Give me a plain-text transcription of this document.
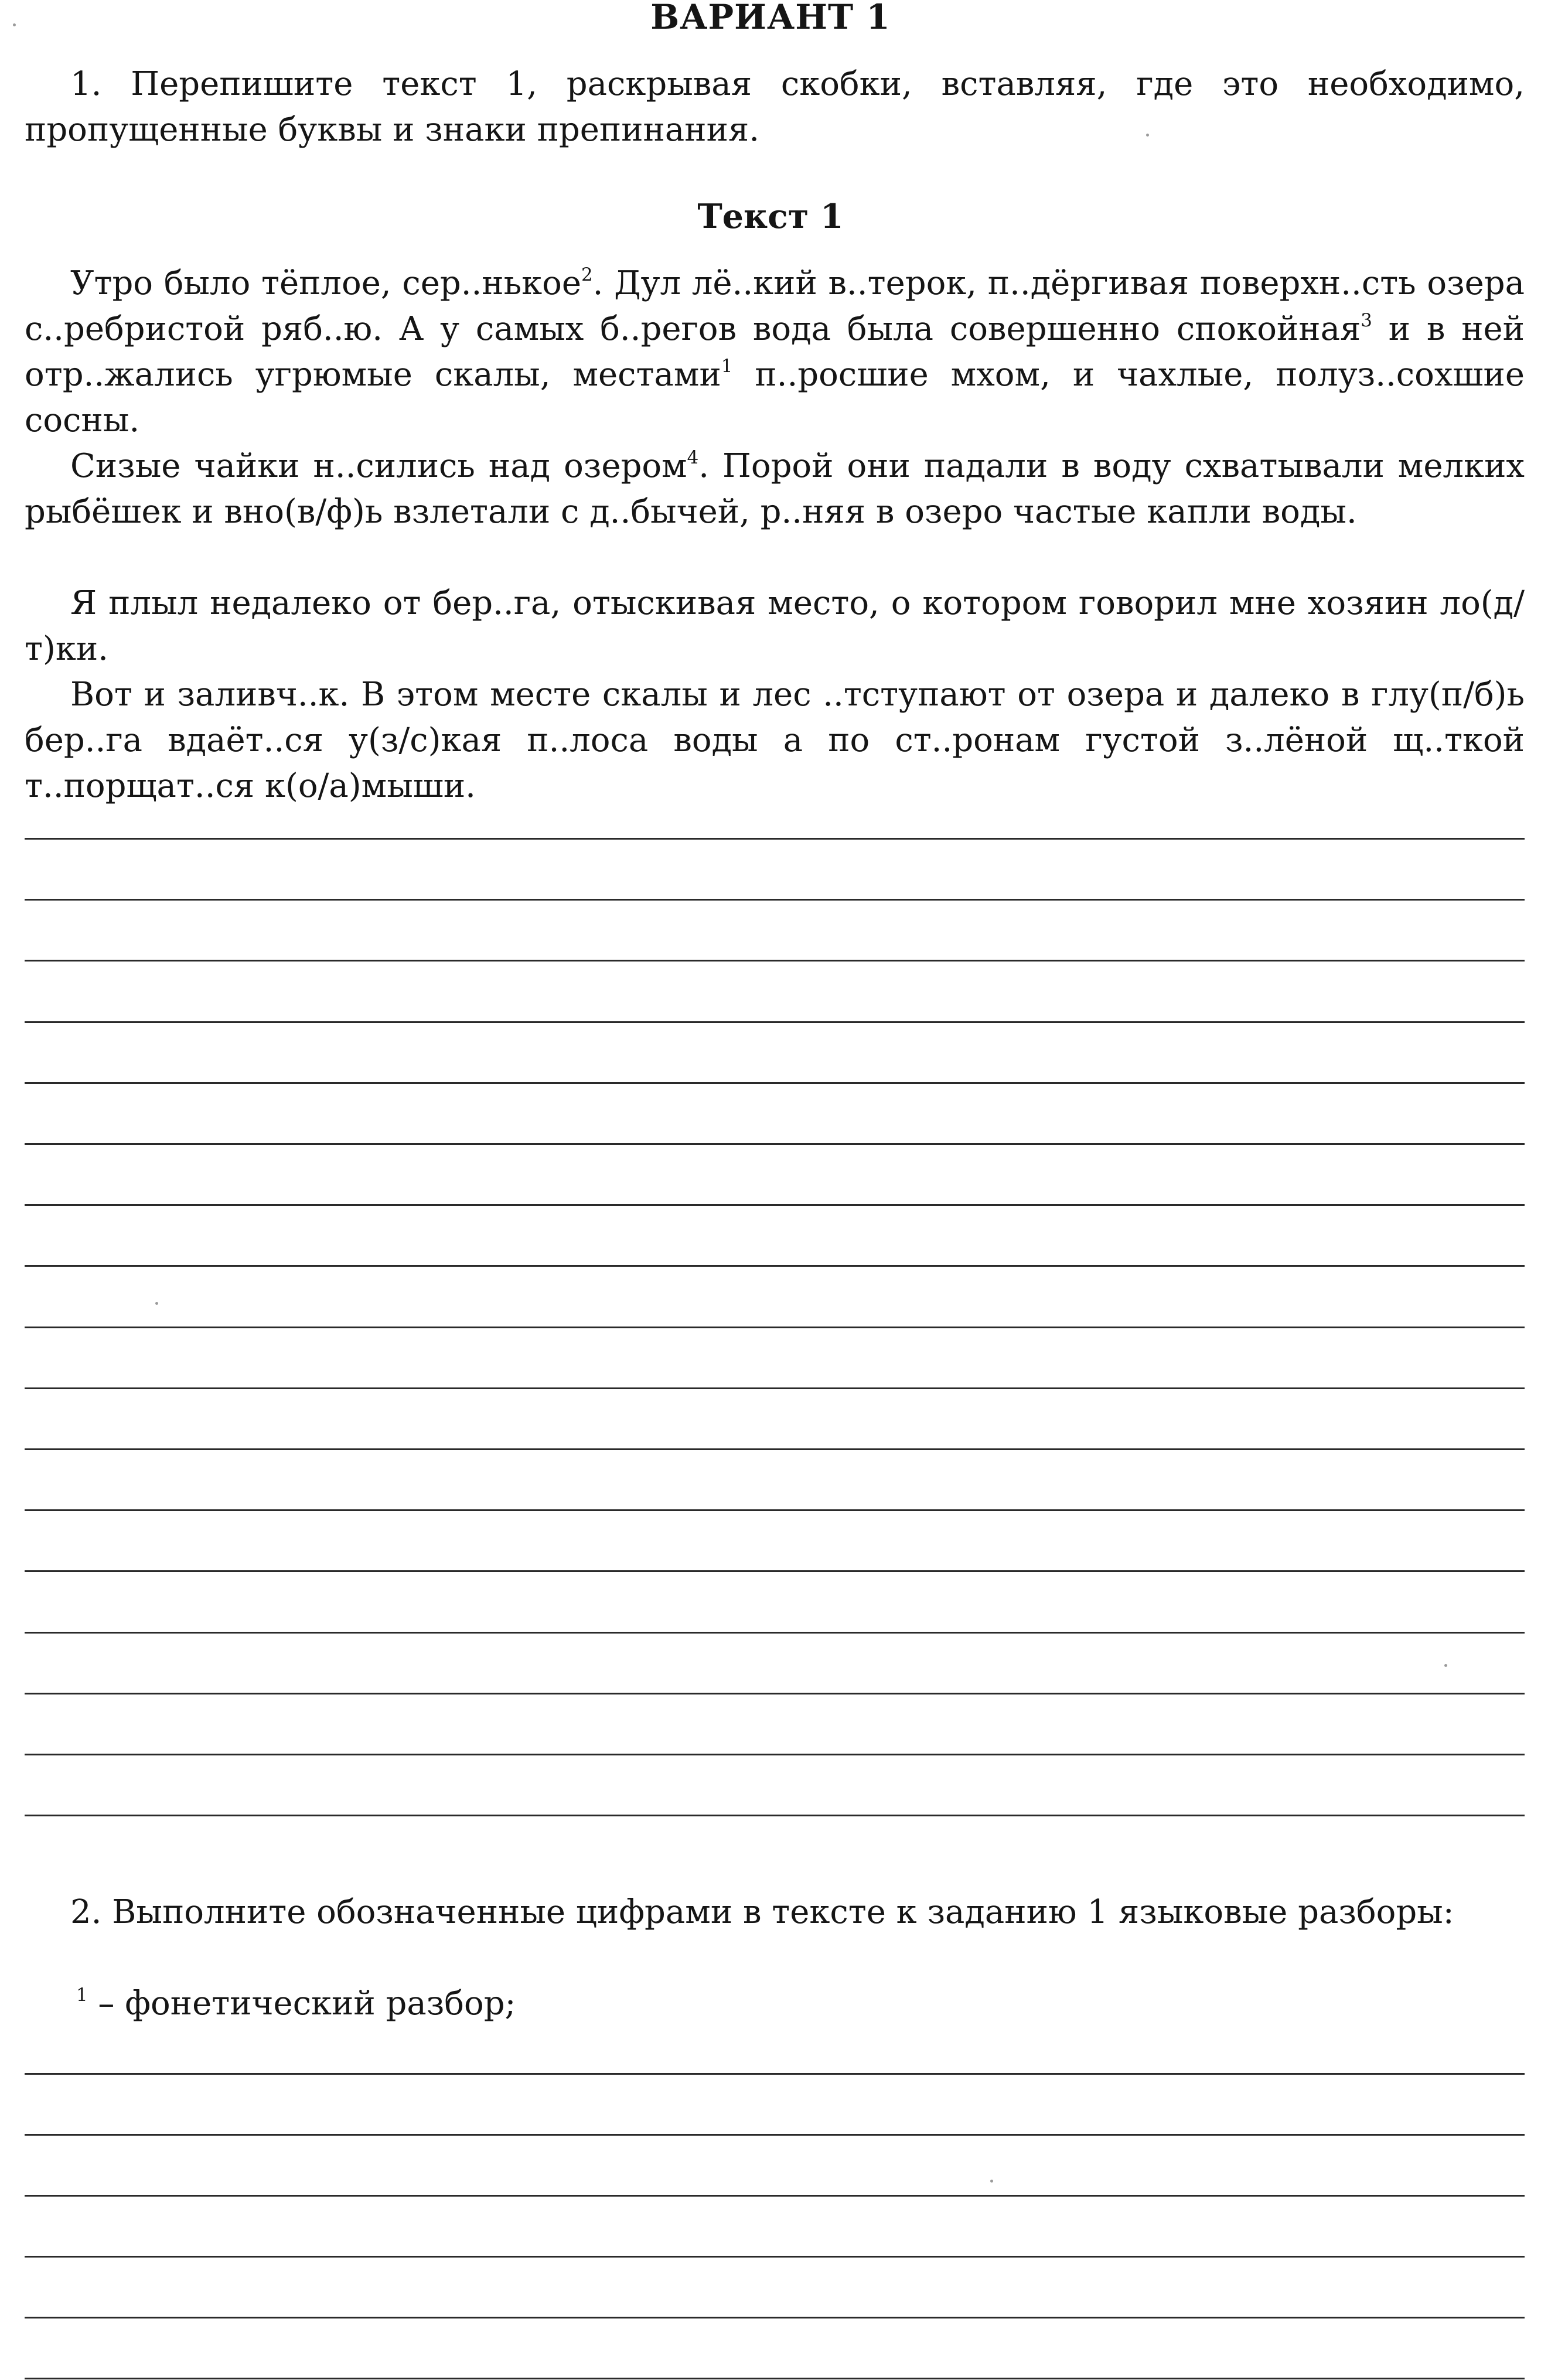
ВАРИАНТ 1
1. Перепишите текст 1, раскрывая скобки, вставляя, где это необходимо, пропущенные буквы и знаки препинания.
Текст 1
Утро было тёплое, сер..нькое$^2$. Дул лё..кий в..терок, п..дёргивая поверхн..сть озера с..ребристой ряб..ю. А у самых б..регов вода была совершенно спокойная$^3$ и в ней отр..жались угрюмые скалы, местами$^1$ п..росшие мхом, и чахлые, полуз..сохшие сосны.
Сизые чайки н..сились над озером$^4$. Порой они падали в воду схватывали мелких рыбёшек и вно(в/ф)ь взлетали с д..бычей, р..няя в озеро частые капли воды.
Я плыл недалеко от бер..га, отыскивая место, о котором говорил мне хозяин ло(д/т)ки.
Вот и заливч..к. В этом месте скалы и лес ..тступают от озера и далеко в глу(п/б)ь бер..га вдаёт..ся у(з/с)кая п..лоса воды а по ст..ронам густой з..лёной щ..ткой т..порщат..ся к(о/а)мыши.
2. Выполните обозначенные цифрами в тексте к заданию 1 языковые разборы:
$^1$ – фонетический разбор;
